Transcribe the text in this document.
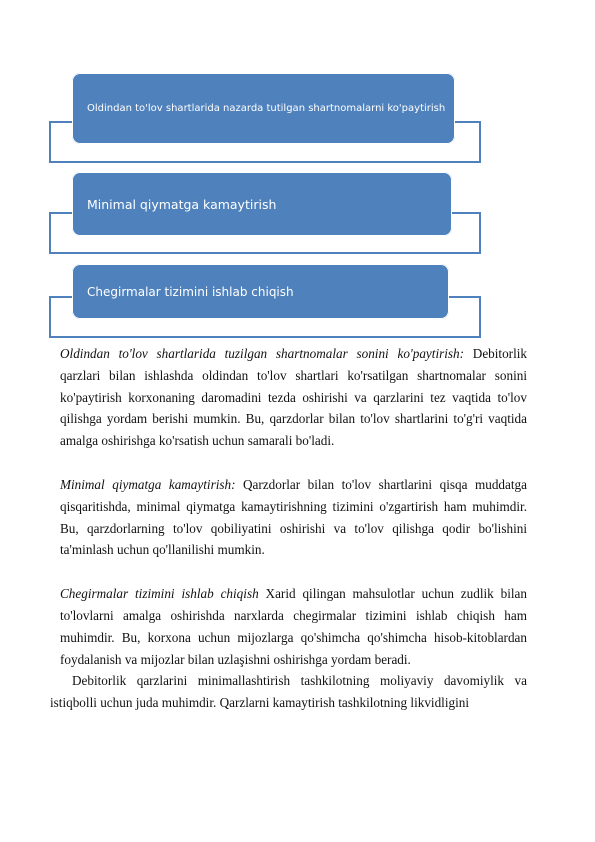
Oldindan to'lov shartlarida nazarda tutilgan shartnomalarni ko'paytirish
Minimal qiymatga kamaytirish
Chegirmalar tizimini ishlab chiqish

Oldindan to'lov shartlarida tuzilgan shartnomalar sonini ko'paytirish: Debitorlik qarzlari bilan ishlashda oldindan to'lov shartlari ko'rsatilgan shartnomalar sonini ko'paytirish korxonaning daromadini tezda oshirishi va qarzlarini tez vaqtida to'lov qilishga yordam berishi mumkin. Bu, qarzdorlar bilan to'lov shartlarini to'g'ri vaqtida amalga oshirishga ko'rsatish uchun samarali bo'ladi.

Minimal qiymatga kamaytirish: Qarzdorlar bilan to'lov shartlarini qisqa muddatga qisqaritishda, minimal qiymatga kamaytirishning tizimini o'zgartirish ham muhimdir. Bu, qarzdorlarning to'lov qobiliyatini oshirishi va to'lov qilishga qodir bo'lishini ta'minlash uchun qo'llanilishi mumkin.

Chegirmalar tizimini ishlab chiqish Xarid qilingan mahsulotlar uchun zudlik bilan to'lovlarni amalga oshirishda narxlarda chegirmalar tizimini ishlab chiqish ham muhimdir. Bu, korxona uchun mijozlarga qo'shimcha qo'shimcha hisob-kitoblardan foydalanish va mijozlar bilan uzlaşishni oshirishga yordam beradi.

Debitorlik qarzlarini minimallashtirish tashkilotning moliyaviy davomiylik va istiqbolli uchun juda muhimdir. Qarzlarni kamaytirish tashkilotning likvidligini
